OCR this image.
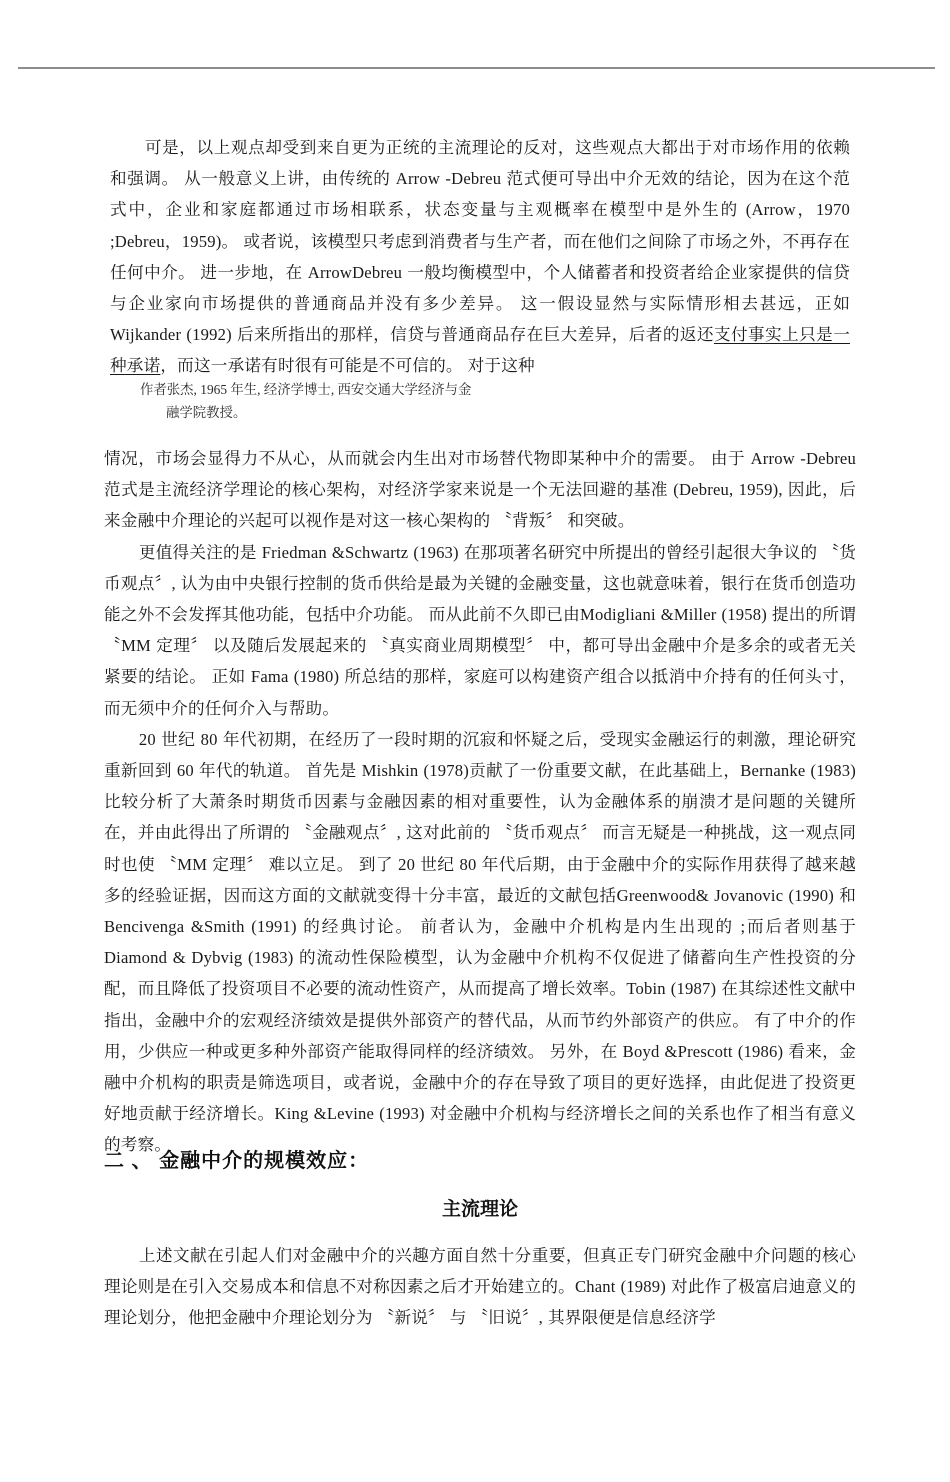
可是，以上观点却受到来自更为正统的主流理论的反对，这些观点大都出于对市场作用的依赖和强调。 从一般意义上讲，由传统的 Arrow -Debreu 范式便可导出中介无效的结论，因为在这个范式中，企业和家庭都通过市场相联系，状态变量与主观概率在模型中是外生的 (Arrow，1970 ;Debreu，1959)。 或者说，该模型只考虑到消费者与生产者，而在他们之间除了市场之外，不再存在任何中介。 进一步地，在 ArrowDebreu 一般均衡模型中，个人储蓄者和投资者给企业家提供的信贷与企业家向市场提供的普通商品并没有多少差异。 这一假设显然与实际情形相去甚远，正如 Wijkander (1992) 后来所指出的那样，信贷与普通商品存在巨大差异，后者的返还支付事实上只是一种承诺，而这一承诺有时很有可能是不可信的。 对于这种

作者张杰, 1965 年生, 经济学博士, 西安交通大学经济与金
融学院教授。

情况，市场会显得力不从心，从而就会内生出对市场替代物即某种中介的需要。 由于 Arrow -Debreu 范式是主流经济学理论的核心架构，对经济学家来说是一个无法回避的基准 (Debreu, 1959), 因此，后来金融中介理论的兴起可以视作是对这一核心架构的 〝背叛〞 和突破。

更值得关注的是 Friedman &Schwartz (1963) 在那项著名研究中所提出的曾经引起很大争议的 〝货币观点〞, 认为由中央银行控制的货币供给是最为关键的金融变量，这也就意味着，银行在货币创造功能之外不会发挥其他功能，包括中介功能。 而从此前不久即已由Modigliani &Miller (1958) 提出的所谓 〝MM 定理〞 以及随后发展起来的 〝真实商业周期模型〞 中，都可导出金融中介是多余的或者无关紧要的结论。 正如 Fama (1980) 所总结的那样，家庭可以构建资产组合以抵消中介持有的任何头寸，而无须中介的任何介入与帮助。

20 世纪 80 年代初期，在经历了一段时期的沉寂和怀疑之后，受现实金融运行的刺激，理论研究重新回到 60 年代的轨道。 首先是 Mishkin (1978)贡献了一份重要文献，在此基础上，Bernanke (1983) 比较分析了大萧条时期货币因素与金融因素的相对重要性，认为金融体系的崩溃才是问题的关键所在，并由此得出了所谓的 〝金融观点〞, 这对此前的 〝货币观点〞 而言无疑是一种挑战，这一观点同时也使 〝MM 定理〞 难以立足。 到了 20 世纪 80 年代后期，由于金融中介的实际作用获得了越来越多的经验证据，因而这方面的文献就变得十分丰富，最近的文献包括Greenwood& Jovanovic (1990) 和 Bencivenga &Smith (1991) 的经典讨论。 前者认为，金融中介机构是内生出现的 ;而后者则基于 Diamond & Dybvig (1983) 的流动性保险模型，认为金融中介机构不仅促进了储蓄向生产性投资的分配，而且降低了投资项目不必要的流动性资产，从而提高了增长效率。Tobin (1987) 在其综述性文献中指出，金融中介的宏观经济绩效是提供外部资产的替代品，从而节约外部资产的供应。 有了中介的作用，少供应一种或更多种外部资产能取得同样的经济绩效。 另外，在 Boyd &Prescott (1986) 看来，金融中介机构的职责是筛选项目，或者说，金融中介的存在导致了项目的更好选择，由此促进了投资更好地贡献于经济增长。King &Levine (1993) 对金融中介机构与经济增长之间的关系也作了相当有意义的考察。

二 、 金融中介的规模效应：
主流理论

上述文献在引起人们对金融中介的兴趣方面自然十分重要，但真正专门研究金融中介问题的核心理论则是在引入交易成本和信息不对称因素之后才开始建立的。Chant (1989) 对此作了极富启迪意义的理论划分，他把金融中介理论划分为 〝新说〞 与 〝旧说〞, 其界限便是信息经济学
